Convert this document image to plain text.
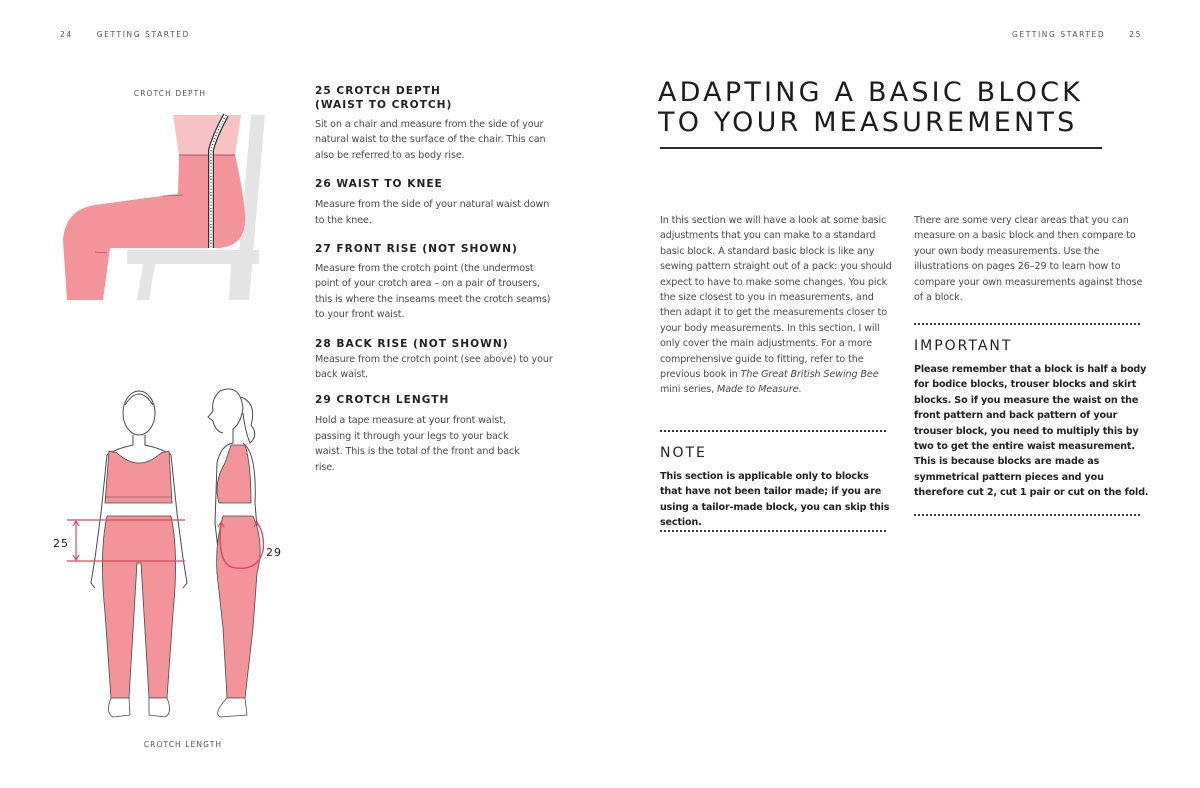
24	GETTING STARTED
CROTCH DEPTH
25
29
CROTCH LENGTH
25 CROTCH DEPTH
(WAIST TO CROTCH)
Sit on a chair and measure from the side of your natural waist to the surface of the chair. This can also be referred to as body rise.
26 WAIST TO KNEE
Measure from the side of your natural waist down to the knee.
27 FRONT RISE (NOT SHOWN)
Measure from the crotch point (the undermost point of your crotch area – on a pair of trousers, this is where the inseams meet the crotch seams) to your front waist.
28 BACK RISE (NOT SHOWN)
Measure from the crotch point (see above) to your back waist.
29 CROTCH LENGTH
Hold a tape measure at your front waist, passing it through your legs to your back waist. This is the total of the front and back rise.
GETTING STARTED	25
ADAPTING A BASIC BLOCK
TO YOUR MEASUREMENTS
In this section we will have a look at some basic adjustments that you can make to a standard basic block. A standard basic block is like any sewing pattern straight out of a pack: you should expect to have to make some changes. You pick the size closest to you in measurements, and then adapt it to get the measurements closer to your body measurements. In this section, I will only cover the main adjustments. For a more comprehensive guide to fitting, refer to the previous book in The Great British Sewing Bee mini series, Made to Measure.
NOTE
This section is applicable only to blocks that have not been tailor made; if you are using a tailor-made block, you can skip this section.
There are some very clear areas that you can measure on a basic block and then compare to your own body measurements. Use the illustrations on pages 26–29 to learn how to compare your own measurements against those of a block.
IMPORTANT
Please remember that a block is half a body for bodice blocks, trouser blocks and skirt blocks. So if you measure the waist on the front pattern and back pattern of your trouser block, you need to multiply this by two to get the entire waist measurement. This is because blocks are made as symmetrical pattern pieces and you therefore cut 2, cut 1 pair or cut on the fold.
